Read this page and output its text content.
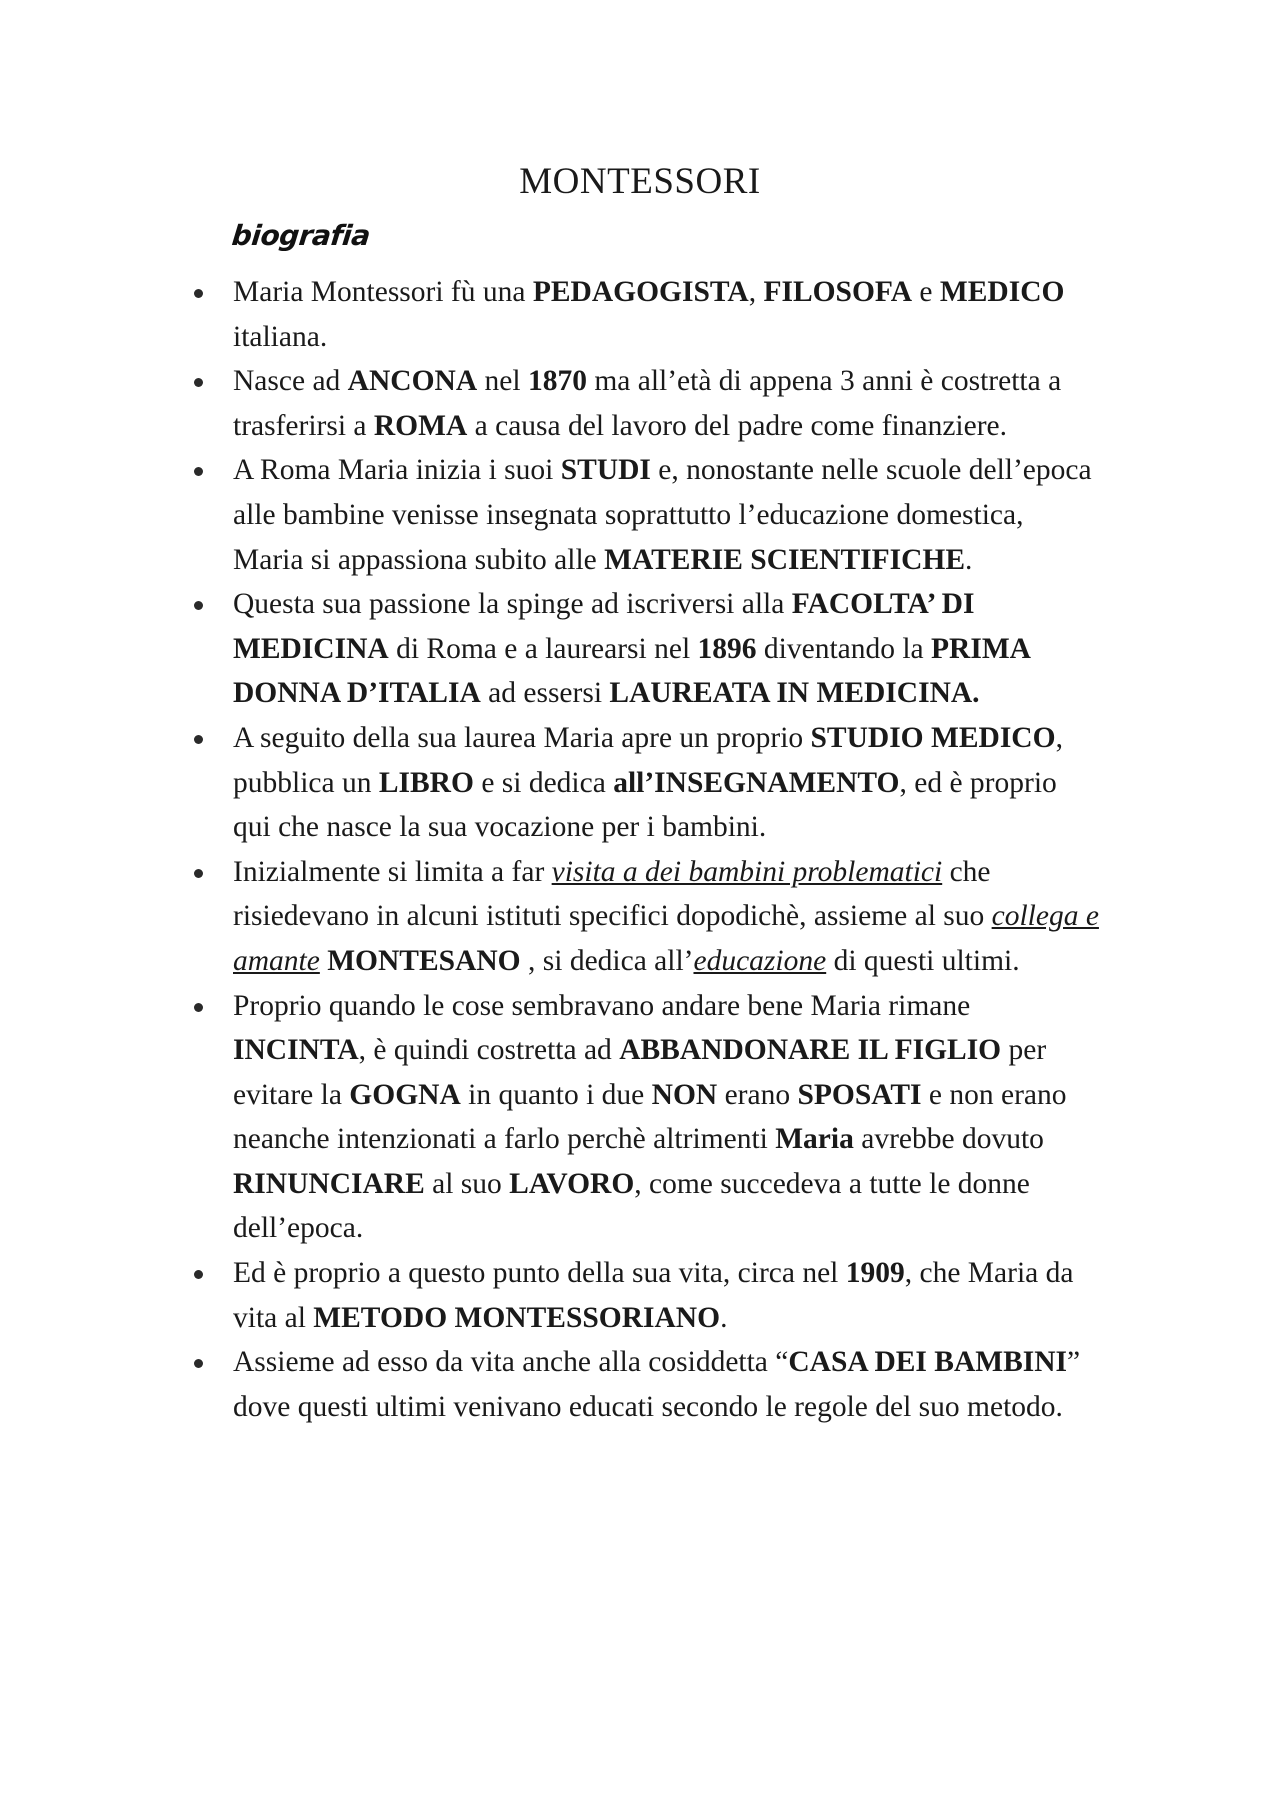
MONTESSORI
biografia
Maria Montessori fù una PEDAGOGISTA, FILOSOFA e MEDICO italiana.
Nasce ad ANCONA nel 1870 ma all’età di appena 3 anni è costretta a trasferirsi a ROMA a causa del lavoro del padre come finanziere.
A Roma Maria inizia i suoi STUDI e, nonostante nelle scuole dell’epoca alle bambine venisse insegnata soprattutto l’educazione domestica, Maria si appassiona subito alle MATERIE SCIENTIFICHE.
Questa sua passione la spinge ad iscriversi alla FACOLTA’ DI MEDICINA di Roma e a laurearsi nel 1896 diventando la PRIMA DONNA D’ITALIA ad essersi LAUREATA IN MEDICINA.
A seguito della sua laurea Maria apre un proprio STUDIO MEDICO, pubblica un LIBRO e si dedica all’INSEGNAMENTO, ed è proprio qui che nasce la sua vocazione per i bambini.
Inizialmente si limita a far visita a dei bambini problematici che risiedevano in alcuni istituti specifici dopodichè, assieme al suo collega e amante MONTESANO , si dedica all’educazione di questi ultimi.
Proprio quando le cose sembravano andare bene Maria rimane INCINTA, è quindi costretta ad ABBANDONARE IL FIGLIO per evitare la GOGNA in quanto i due NON erano SPOSATI e non erano neanche intenzionati a farlo perchè altrimenti Maria avrebbe dovuto RINUNCIARE al suo LAVORO, come succedeva a tutte le donne dell’epoca.
Ed è proprio a questo punto della sua vita, circa nel 1909, che Maria da vita al METODO MONTESSORIANO.
Assieme ad esso da vita anche alla cosiddetta “CASA DEI BAMBINI” dove questi ultimi venivano educati secondo le regole del suo metodo.
